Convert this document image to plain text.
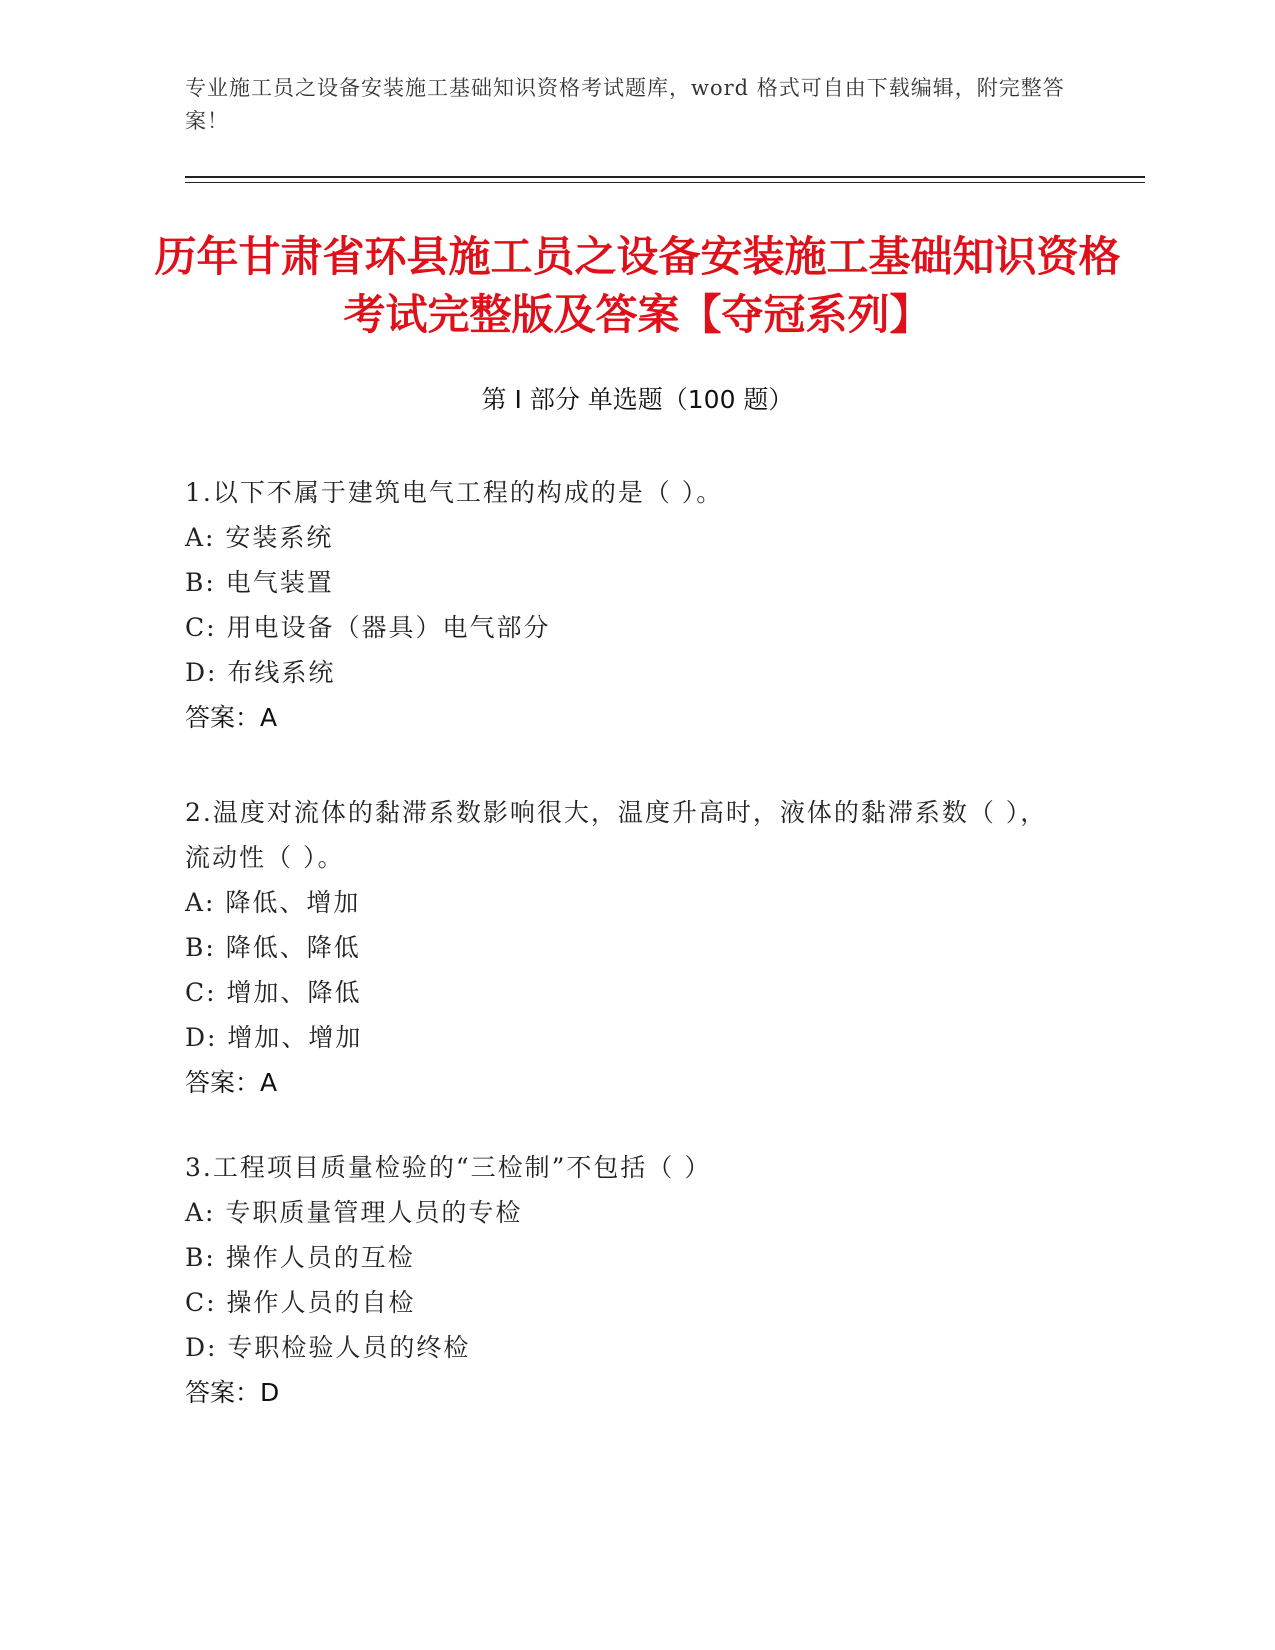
专业施工员之设备安装施工基础知识资格考试题库，word 格式可自由下载编辑，附完整答案！
历年甘肃省环县施工员之设备安装施工基础知识资格考试完整版及答案【夺冠系列】
第 I 部分 单选题（100 题）

1.以下不属于建筑电气工程的构成的是（ ）。

A: 安装系统

B: 电气装置

C: 用电设备（器具）电气部分

D: 布线系统

答案：A

2.温度对流体的黏滞系数影响很大，温度升高时，液体的黏滞系数（ ），流动性（ ）。

A: 降低、增加

B: 降低、降低

C: 增加、降低

D: 增加、增加

答案：A

3.工程项目质量检验的“三检制”不包括（ ）

A: 专职质量管理人员的专检

B: 操作人员的互检

C: 操作人员的自检

D: 专职检验人员的终检

答案：D
